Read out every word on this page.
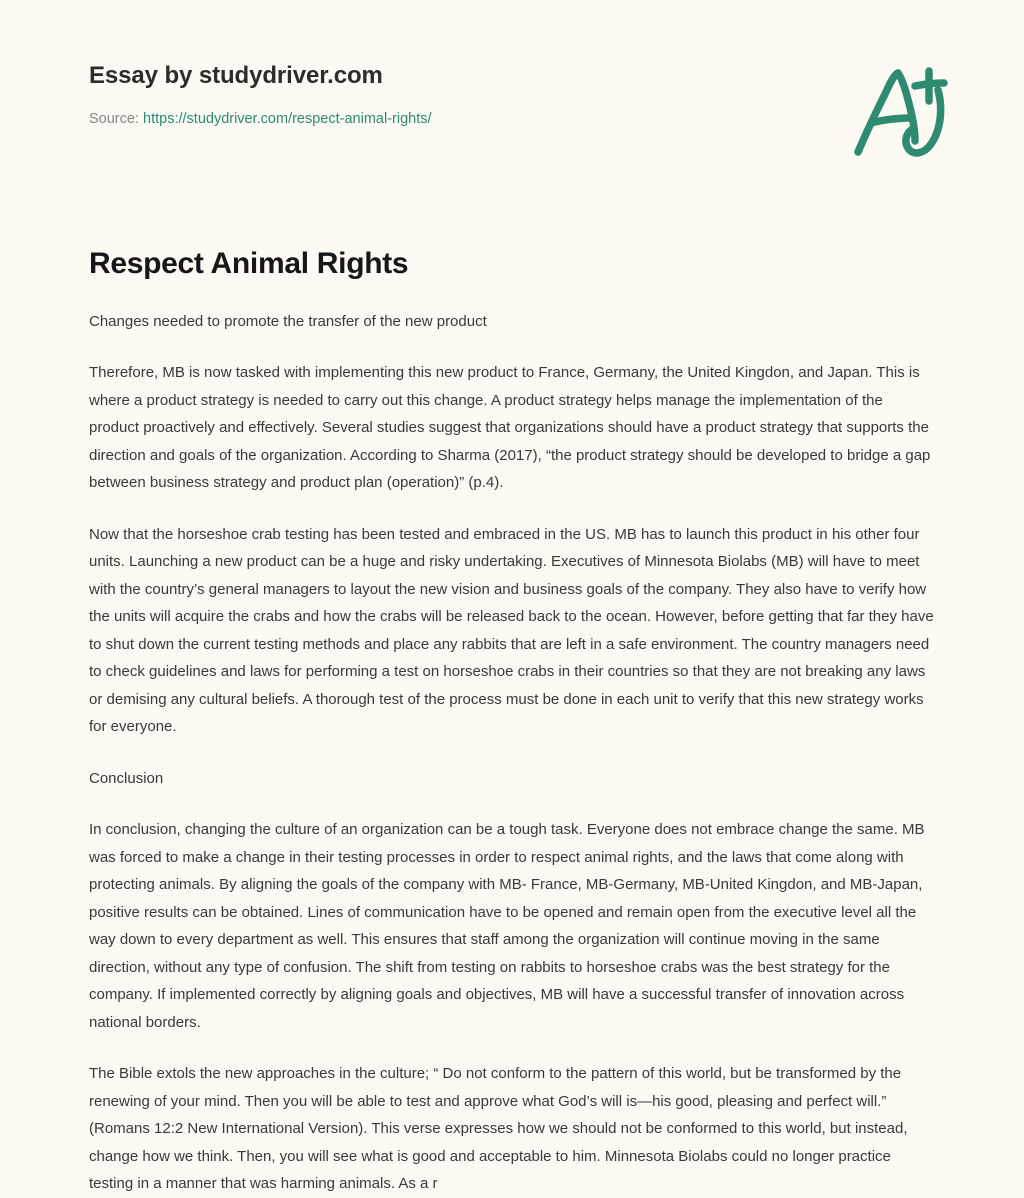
Essay by studydriver.com
Source: https://studydriver.com/respect-animal-rights/
Respect Animal Rights

Changes needed to promote the transfer of the new product

Therefore, MB is now tasked with implementing this new product to France, Germany, the United Kingdon, and Japan. This is where a product strategy is needed to carry out this change. A product strategy helps manage the implementation of the product proactively and effectively. Several studies suggest that organizations should have a product strategy that supports the direction and goals of the organization. According to Sharma (2017), “the product strategy should be developed to bridge a gap between business strategy and product plan (operation)” (p.4).

Now that the horseshoe crab testing has been tested and embraced in the US. MB has to launch this product in his other four units. Launching a new product can be a huge and risky undertaking. Executives of Minnesota Biolabs (MB) will have to meet with the country’s general managers to layout the new vision and business goals of the company. They also have to verify how the units will acquire the crabs and how the crabs will be released back to the ocean. However, before getting that far they have to shut down the current testing methods and place any rabbits that are left in a safe environment. The country managers need to check guidelines and laws for performing a test on horseshoe crabs in their countries so that they are not breaking any laws or demising any cultural beliefs. A thorough test of the process must be done in each unit to verify that this new strategy works for everyone.

Conclusion

In conclusion, changing the culture of an organization can be a tough task. Everyone does not embrace change the same. MB was forced to make a change in their testing processes in order to respect animal rights, and the laws that come along with protecting animals. By aligning the goals of the company with MB- France, MB-Germany, MB-United Kingdon, and MB-Japan, positive results can be obtained. Lines of communication have to be opened and remain open from the executive level all the way down to every department as well. This ensures that staff among the organization will continue moving in the same direction, without any type of confusion. The shift from testing on rabbits to horseshoe crabs was the best strategy for the company. If implemented correctly by aligning goals and objectives, MB will have a successful transfer of innovation across national borders.

The Bible extols the new approaches in the culture; “ Do not conform to the pattern of this world, but be transformed by the renewing of your mind. Then you will be able to test and approve what God’s will is—his good, pleasing and perfect will.” (Romans 12:2 New International Version). This verse expresses how we should not be conformed to this world, but instead, change how we think. Then, you will see what is good and acceptable to him. Minnesota Biolabs could no longer practice testing in a manner that was harming animals. As a r
